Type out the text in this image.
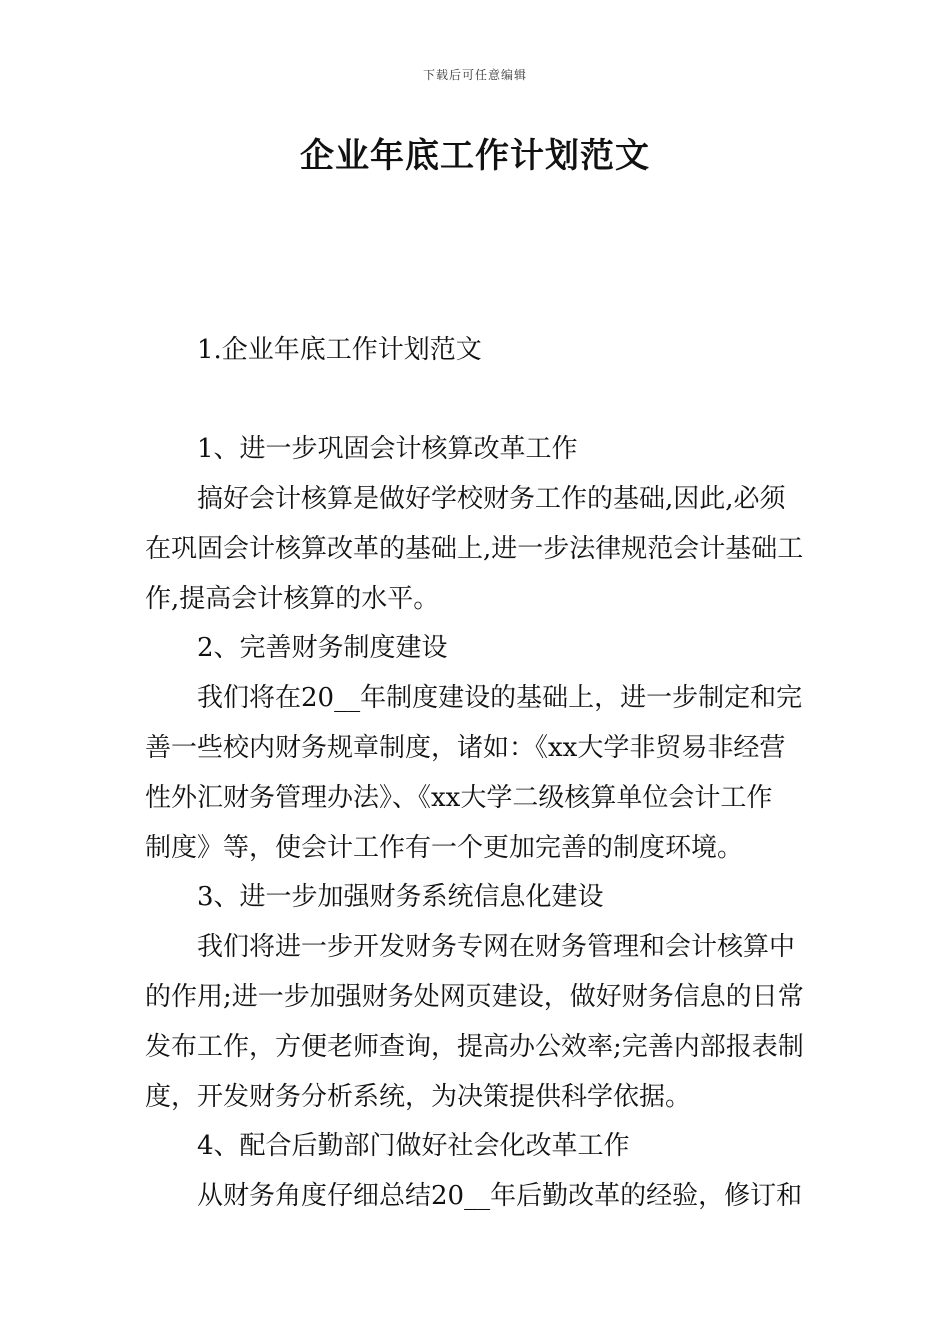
下载后可任意编辑
企业年底工作计划范文
1.企业年底工作计划范文
1、进一步巩固会计核算改革工作
搞好会计核算是做好学校财务工作的基础,因此,必须
在巩固会计核算改革的基础上,进一步法律规范会计基础工
作,提高会计核算的水平。
2、完善财务制度建设
我们将在20__年制度建设的基础上，进一步制定和完
善一些校内财务规章制度，诸如：《xx大学非贸易非经营
性外汇财务管理办法》、《xx大学二级核算单位会计工作
制度》等，使会计工作有一个更加完善的制度环境。
3、进一步加强财务系统信息化建设
我们将进一步开发财务专网在财务管理和会计核算中
的作用;进一步加强财务处网页建设，做好财务信息的日常
发布工作，方便老师查询，提高办公效率;完善内部报表制
度，开发财务分析系统，为决策提供科学依据。
4、配合后勤部门做好社会化改革工作
从财务角度仔细总结20__年后勤改革的经验，修订和
